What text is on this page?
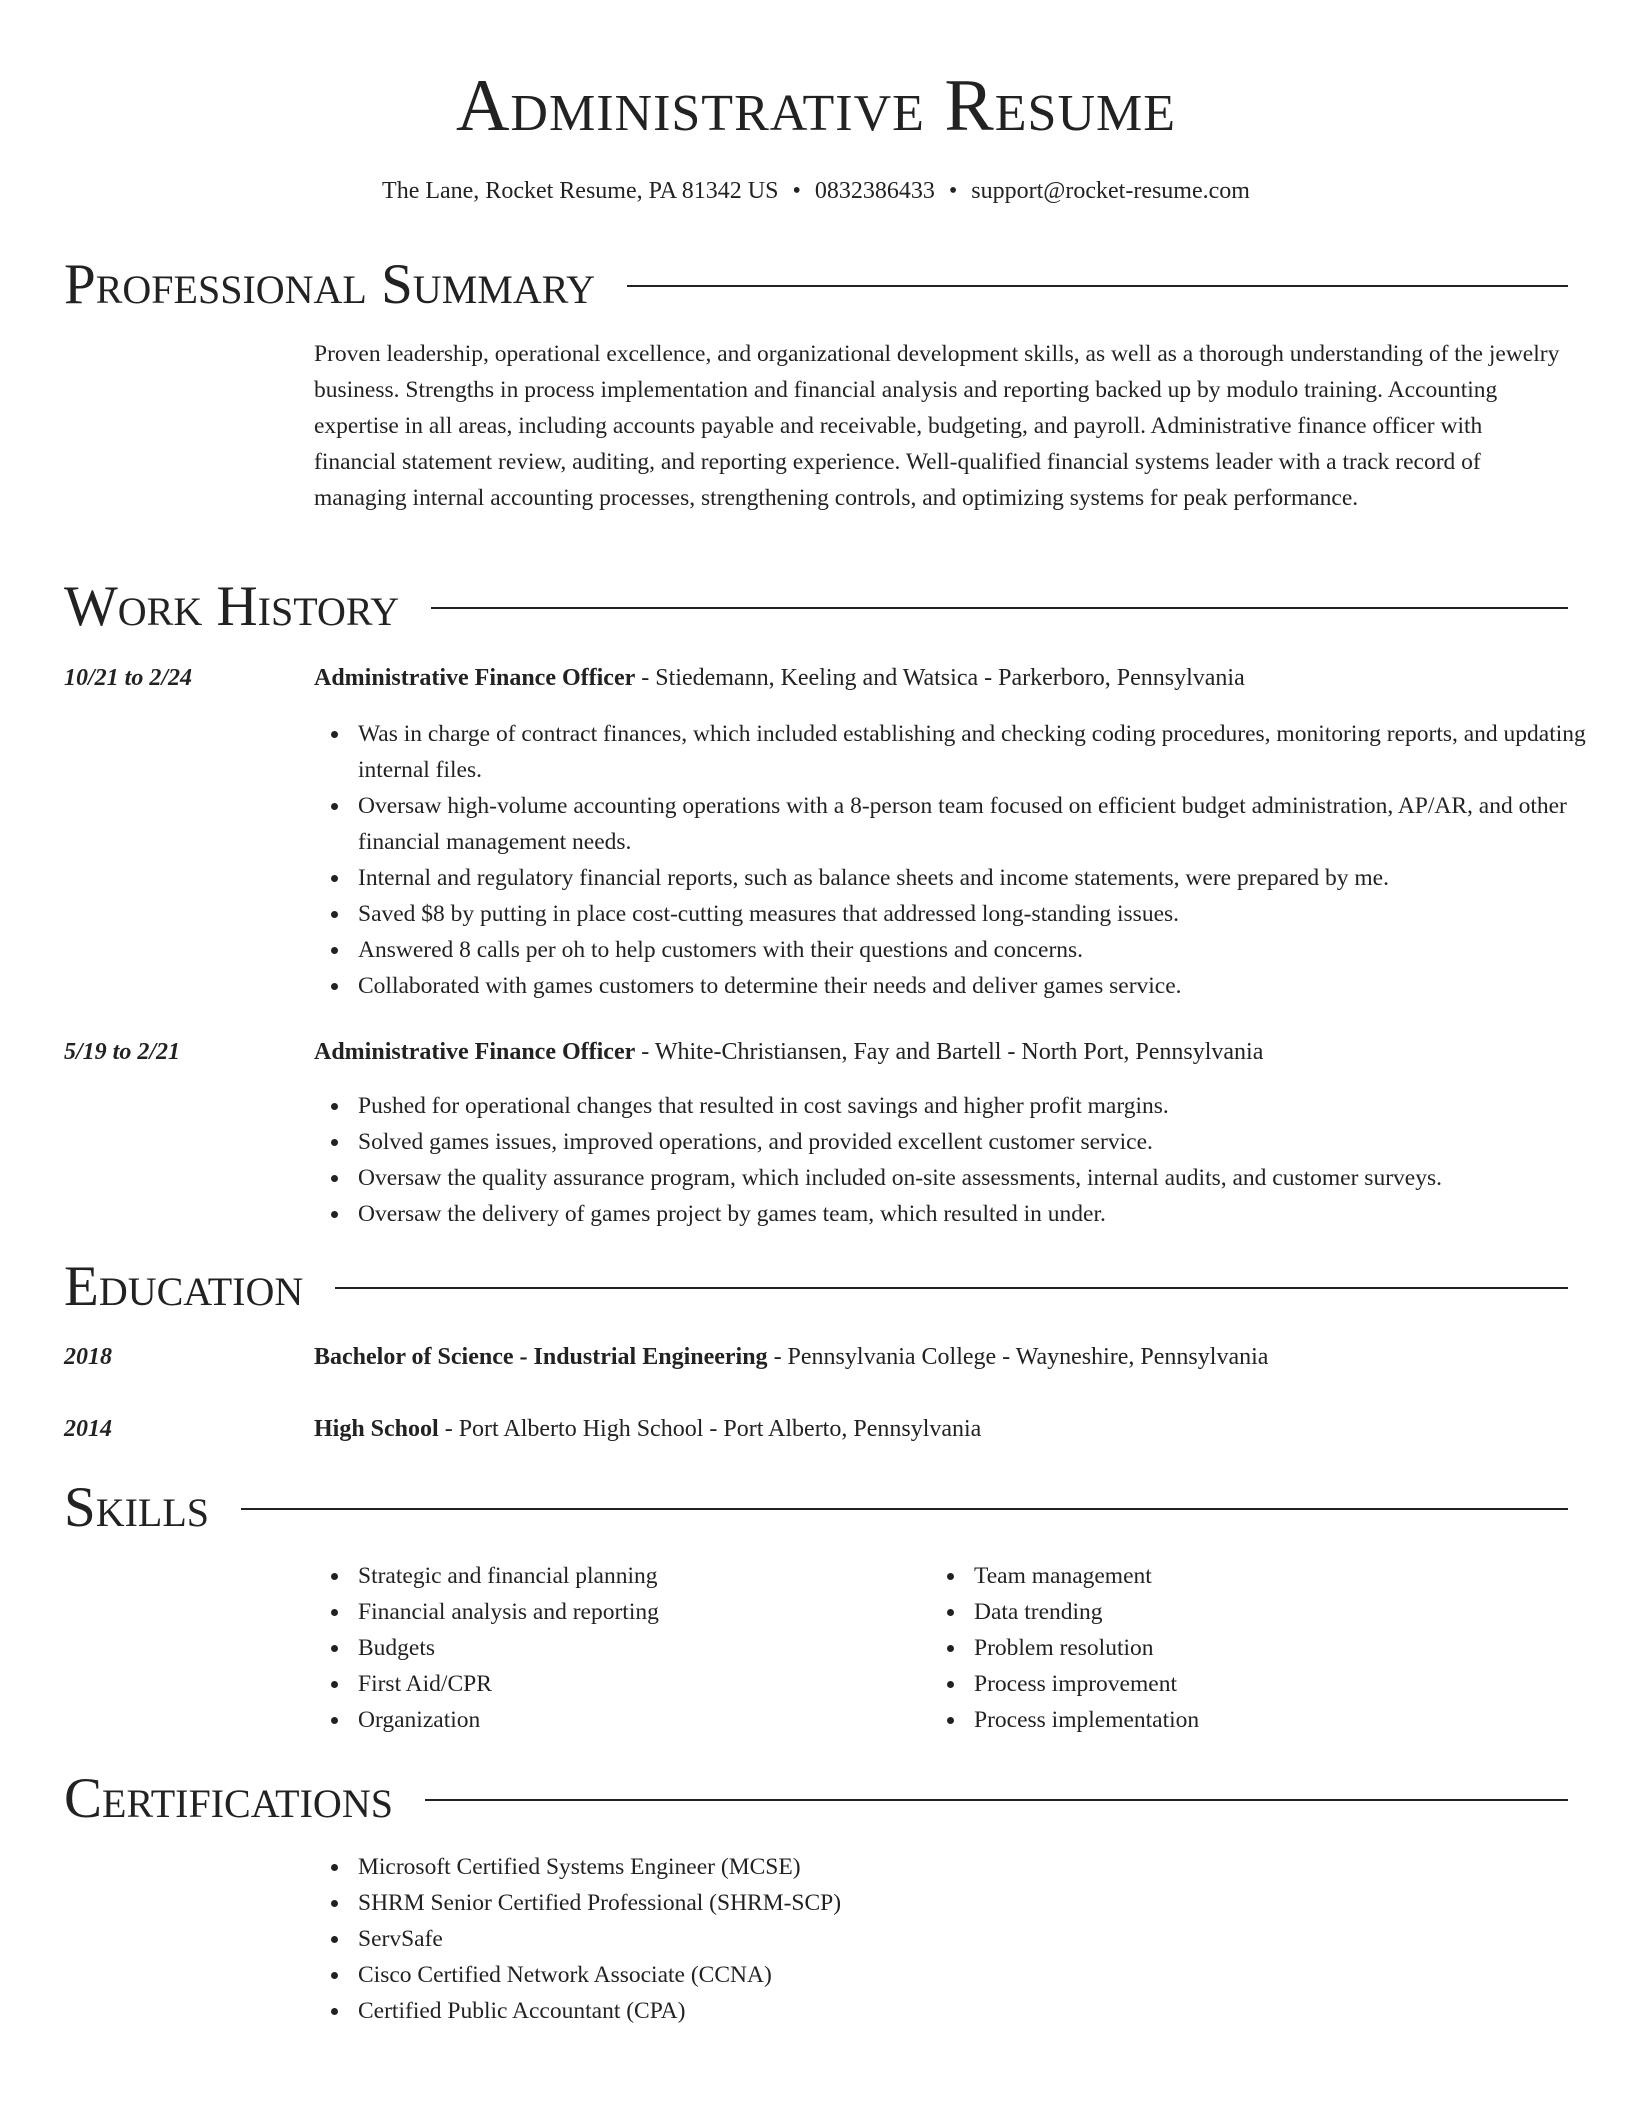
Administrative Resume
The Lane, Rocket Resume, PA 81342 US • 0832386433 • support@rocket-resume.com
Professional Summary
Proven leadership, operational excellence, and organizational development skills, as well as a thorough understanding of the jewelry business. Strengths in process implementation and financial analysis and reporting backed up by modulo training. Accounting expertise in all areas, including accounts payable and receivable, budgeting, and payroll. Administrative finance officer with financial statement review, auditing, and reporting experience. Well-qualified financial systems leader with a track record of managing internal accounting processes, strengthening controls, and optimizing systems for peak performance.
Work History
10/21 to 2/24	Administrative Finance Officer - Stiedemann, Keeling and Watsica - Parkerboro, Pennsylvania
Was in charge of contract finances, which included establishing and checking coding procedures, monitoring reports, and updating internal files.
Oversaw high-volume accounting operations with a 8-person team focused on efficient budget administration, AP/AR, and other financial management needs.
Internal and regulatory financial reports, such as balance sheets and income statements, were prepared by me.
Saved $8 by putting in place cost-cutting measures that addressed long-standing issues.
Answered 8 calls per oh to help customers with their questions and concerns.
Collaborated with games customers to determine their needs and deliver games service.
5/19 to 2/21	Administrative Finance Officer - White-Christiansen, Fay and Bartell - North Port, Pennsylvania
Pushed for operational changes that resulted in cost savings and higher profit margins.
Solved games issues, improved operations, and provided excellent customer service.
Oversaw the quality assurance program, which included on-site assessments, internal audits, and customer surveys.
Oversaw the delivery of games project by games team, which resulted in under.
Education
2018	Bachelor of Science - Industrial Engineering - Pennsylvania College - Wayneshire, Pennsylvania
2014	High School - Port Alberto High School - Port Alberto, Pennsylvania
Skills
Strategic and financial planning
Financial analysis and reporting
Budgets
First Aid/CPR
Organization
Team management
Data trending
Problem resolution
Process improvement
Process implementation
Certifications
Microsoft Certified Systems Engineer (MCSE)
SHRM Senior Certified Professional (SHRM-SCP)
ServSafe
Cisco Certified Network Associate (CCNA)
Certified Public Accountant (CPA)
